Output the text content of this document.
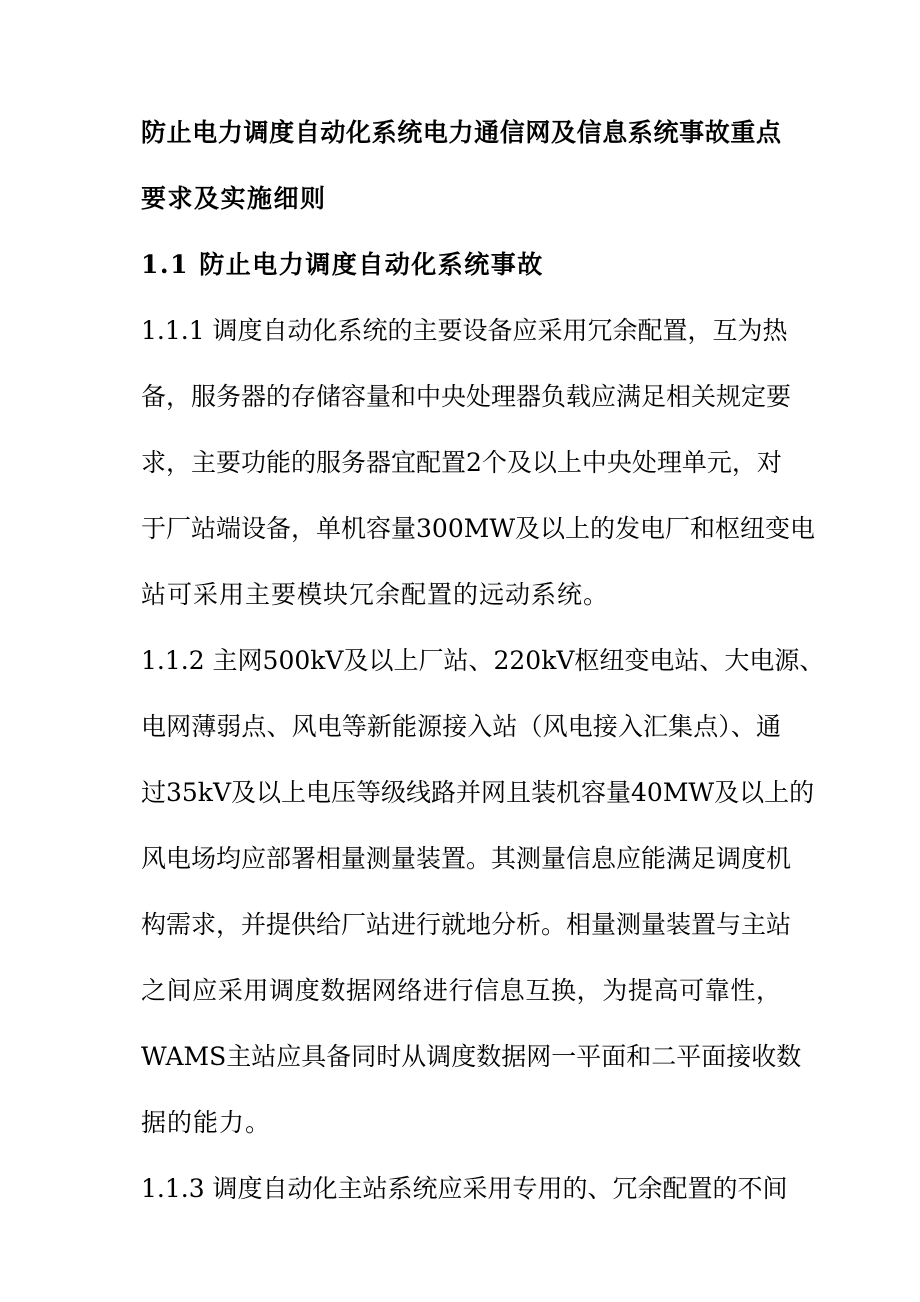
防止电力调度自动化系统电力通信网及信息系统事故重点
要求及实施细则
1.1 防止电力调度自动化系统事故
1.1.1 调度自动化系统的主要设备应采用冗余配置，互为热
备，服务器的存储容量和中央处理器负载应满足相关规定要
求，主要功能的服务器宜配置2个及以上中央处理单元，对
于厂站端设备，单机容量300MW及以上的发电厂和枢纽变电
站可采用主要模块冗余配置的远动系统。
1.1.2 主网500kV及以上厂站、220kV枢纽变电站、大电源、
电网薄弱点、风电等新能源接入站（风电接入汇集点）、通
过35kV及以上电压等级线路并网且装机容量40MW及以上的
风电场均应部署相量测量装置。其测量信息应能满足调度机
构需求，并提供给厂站进行就地分析。相量测量装置与主站
之间应采用调度数据网络进行信息互换，为提高可靠性，
WAMS主站应具备同时从调度数据网一平面和二平面接收数
据的能力。
1.1.3 调度自动化主站系统应采用专用的、冗余配置的不间
